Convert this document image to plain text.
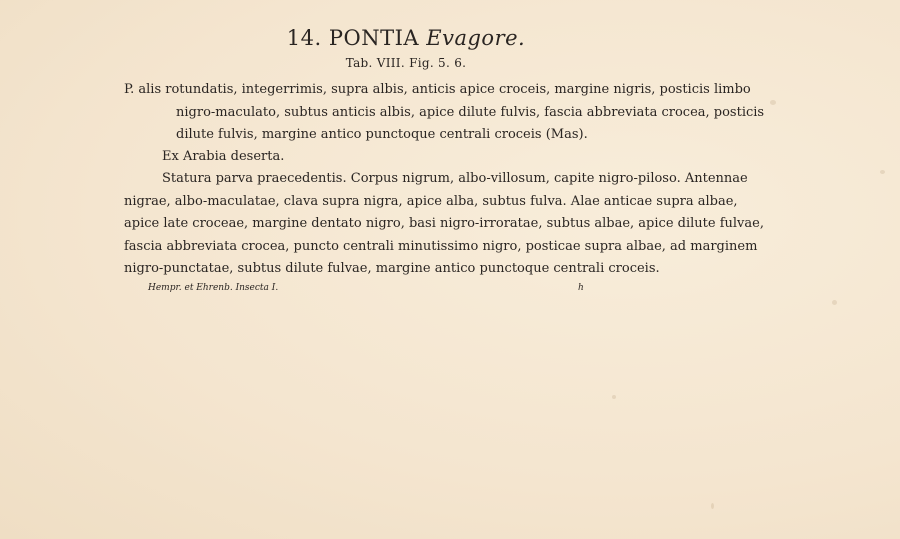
14. PONTIA Evagore.
Tab. VIII. Fig. 5. 6.
P. alis rotundatis, integerrimis, supra albis, anticis apice croceis, margine nigris, posticis limbo
nigro-maculato, subtus anticis albis, apice dilute fulvis, fascia abbreviata crocea, posticis
dilute fulvis, margine antico punctoque centrali croceis (Mas).
Ex Arabia deserta.
Statura parva praecedentis. Corpus nigrum, albo-villosum, capite nigro-piloso. Antennae
nigrae, albo-maculatae, clava supra nigra, apice alba, subtus fulva. Alae anticae supra albae,
apice late croceae, margine dentato nigro, basi nigro-irroratae, subtus albae, apice dilute fulvae,
fascia abbreviata crocea, puncto centrali minutissimo nigro, posticae supra albae, ad marginem
nigro-punctatae, subtus dilute fulvae, margine antico punctoque centrali croceis.
Hempr. et Ehrenb. Insecta I.	h
